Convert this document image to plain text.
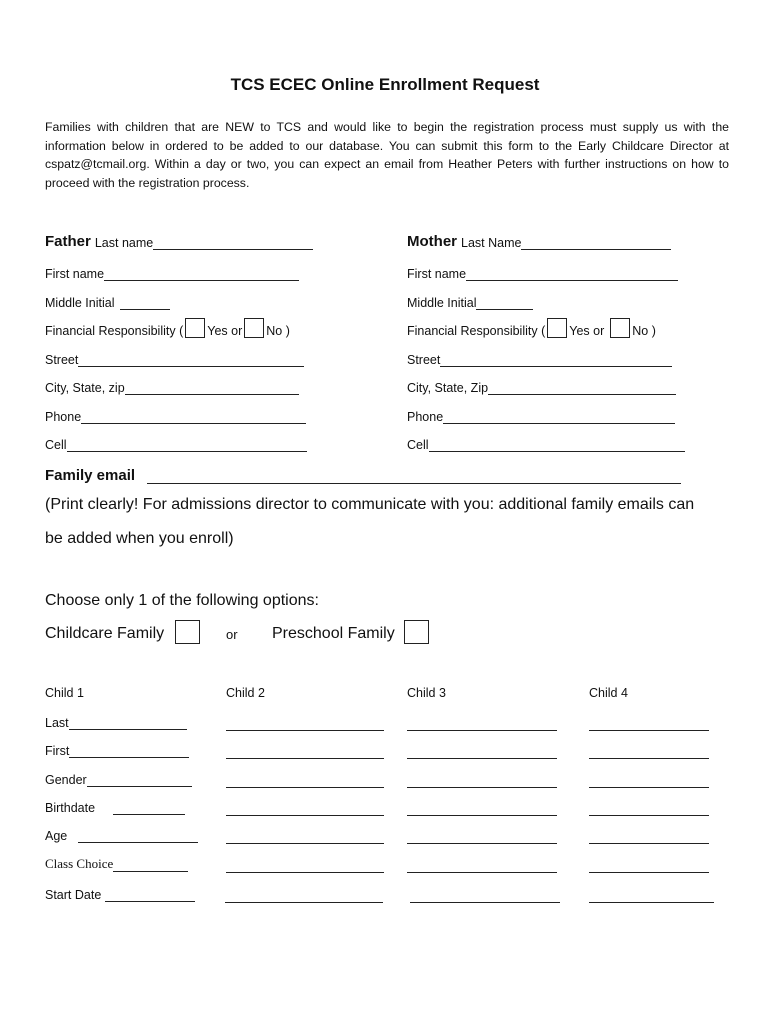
TCS ECEC Online Enrollment Request
Families with children that are NEW to TCS and would like to begin the registration process must supply us with the information below in ordered to be added to our database. You can submit this form to the Early Childcare Director at cspatz@tcmail.org. Within a day or two, you can expect an email from Heather Peters with further instructions on how to proceed with the registration process.
Father Last name
First name
Middle Initial
Financial Responsibility ( Yes or No )
Street
City, State, zip
Phone
Cell
Mother Last Name
First name
Middle Initial
Financial Responsibility ( Yes or No )
Street
City, State, Zip
Phone
Cell
Family email
(Print clearly! For admissions director to communicate with you: additional family emails can
be added when you enroll)
Choose only 1 of the following options:
Childcare Family	or Preschool Family
Child 1	Child 2	Child 3	Child 4
Last
First
Gender
Birthdate
Age
Class Choice
Start Date
